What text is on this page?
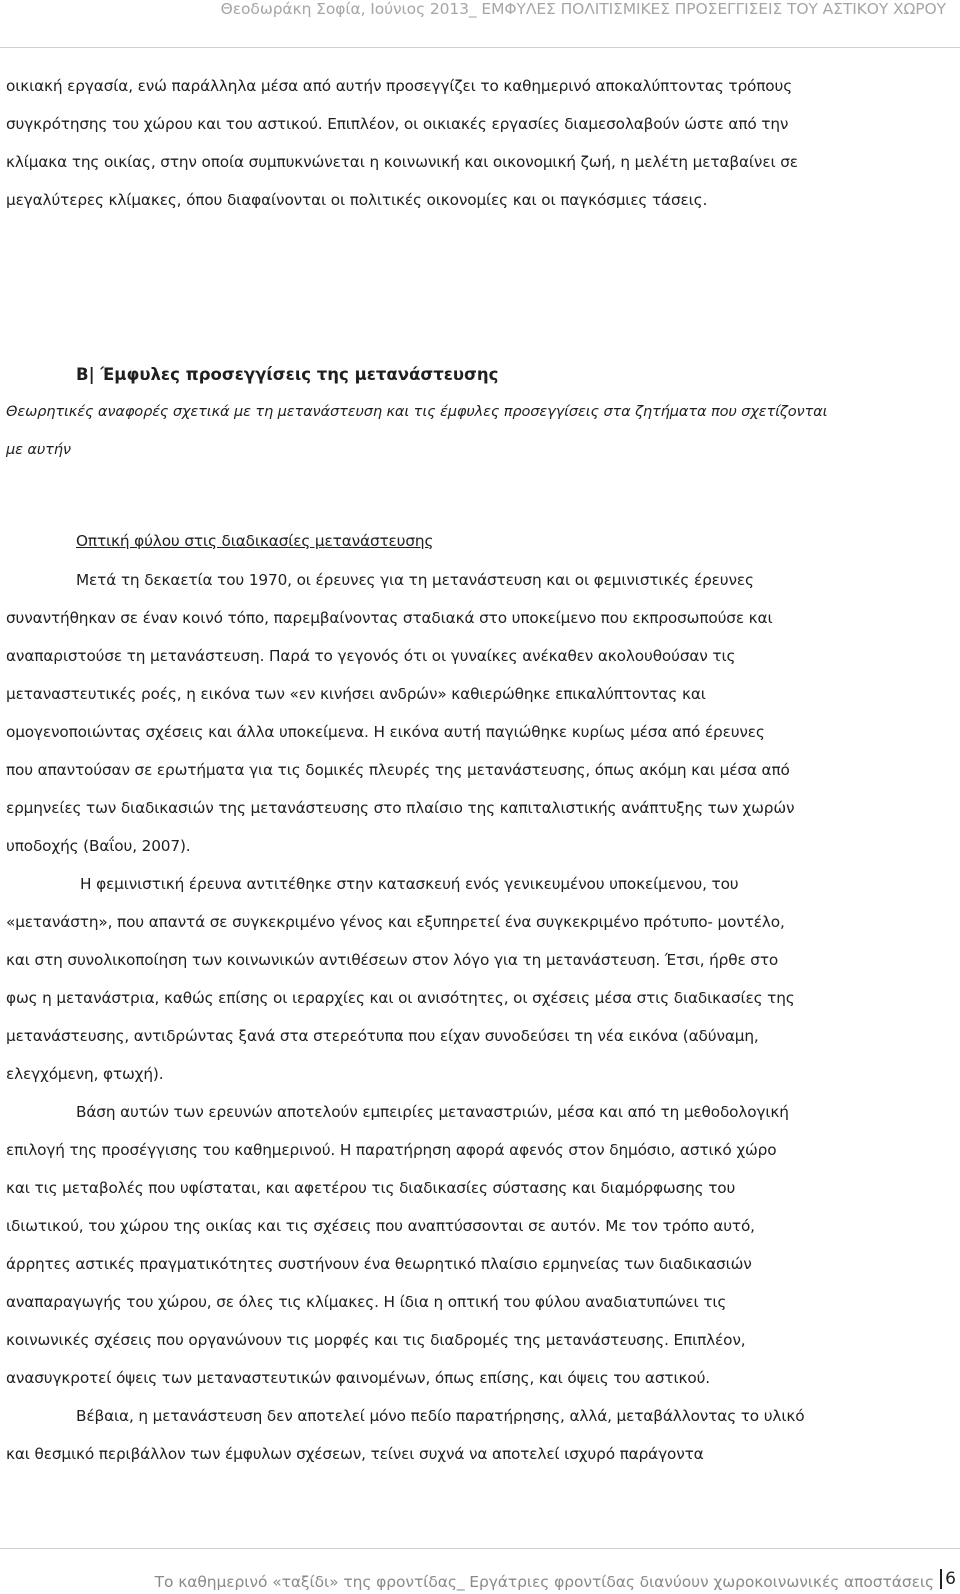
Θεοδωράκη Σοφία, Ιούνιος 2013_ ΕΜΦΥΛΕΣ ΠΟΛΙΤΙΣΜΙΚΕΣ ΠΡΟΣΕΓΓΙΣΕΙΣ ΤΟΥ ΑΣΤΙΚΟΥ ΧΩΡΟΥ
οικιακή εργασία, ενώ παράλληλα μέσα από αυτήν προσεγγίζει το καθημερινό αποκαλύπτοντας τρόπους
συγκρότησης του χώρου και του αστικού. Επιπλέον, οι οικιακές εργασίες διαμεσολαβούν ώστε από την
κλίμακα της οικίας, στην οποία συμπυκνώνεται η κοινωνική και οικονομική ζωή, η μελέτη μεταβαίνει σε
μεγαλύτερες κλίμακες, όπου διαφαίνονται οι πολιτικές οικονομίες και οι παγκόσμιες τάσεις.
B| Έμφυλες προσεγγίσεις της μετανάστευσης
Θεωρητικές αναφορές σχετικά με τη μετανάστευση και τις έμφυλες προσεγγίσεις στα ζητήματα που σχετίζονται
με αυτήν
Οπτική φύλου στις διαδικασίες μετανάστευσης
Μετά τη δεκαετία του 1970, οι έρευνες για τη μετανάστευση και οι φεμινιστικές έρευνες
συναντήθηκαν σε έναν κοινό τόπο, παρεμβαίνοντας σταδιακά στο υποκείμενο που εκπροσωπούσε και
αναπαριστούσε τη μετανάστευση. Παρά το γεγονός ότι οι γυναίκες ανέκαθεν ακολουθούσαν τις
μεταναστευτικές ροές, η εικόνα των «εν κινήσει ανδρών» καθιερώθηκε επικαλύπτοντας και
ομογενοποιώντας σχέσεις και άλλα υποκείμενα. Η εικόνα αυτή παγιώθηκε κυρίως μέσα από έρευνες
που απαντούσαν σε ερωτήματα για τις δομικές πλευρές της μετανάστευσης, όπως ακόμη και μέσα από
ερμηνείες των διαδικασιών της μετανάστευσης στο πλαίσιο της καπιταλιστικής ανάπτυξης των χωρών
υποδοχής (Βαΐου, 2007).
Η φεμινιστική έρευνα αντιτέθηκε στην κατασκευή ενός γενικευμένου υποκείμενου, του
«μετανάστη», που απαντά σε συγκεκριμένο γένος και εξυπηρετεί ένα συγκεκριμένο πρότυπο- μοντέλο,
και στη συνολικοποίηση των κοινωνικών αντιθέσεων στον λόγο για τη μετανάστευση. Έτσι, ήρθε στο
φως η μετανάστρια, καθώς επίσης οι ιεραρχίες και οι ανισότητες, οι σχέσεις μέσα στις διαδικασίες της
μετανάστευσης, αντιδρώντας ξανά στα στερεότυπα που είχαν συνοδεύσει τη νέα εικόνα (αδύναμη,
ελεγχόμενη, φτωχή).
Βάση αυτών των ερευνών αποτελούν εμπειρίες μεταναστριών, μέσα και από τη μεθοδολογική
επιλογή της προσέγγισης του καθημερινού. Η παρατήρηση αφορά αφενός στον δημόσιο, αστικό χώρο
και τις μεταβολές που υφίσταται, και αφετέρου τις διαδικασίες σύστασης και διαμόρφωσης του
ιδιωτικού, του χώρου της οικίας και τις σχέσεις που αναπτύσσονται σε αυτόν. Με τον τρόπο αυτό,
άρρητες αστικές πραγματικότητες συστήνουν ένα θεωρητικό πλαίσιο ερμηνείας των διαδικασιών
αναπαραγωγής του χώρου, σε όλες τις κλίμακες. Η ίδια η οπτική του φύλου αναδιατυπώνει τις
κοινωνικές σχέσεις που οργανώνουν τις μορφές και τις διαδρομές της μετανάστευσης. Επιπλέον,
ανασυγκροτεί όψεις των μεταναστευτικών φαινομένων, όπως επίσης, και όψεις του αστικού.
Βέβαια, η μετανάστευση δεν αποτελεί μόνο πεδίο παρατήρησης, αλλά, μεταβάλλοντας το υλικό
και θεσμικό περιβάλλον των έμφυλων σχέσεων, τείνει συχνά να αποτελεί ισχυρό παράγοντα
Το καθημερινό «ταξίδι» της φροντίδας_ Εργάτριες φροντίδας διανύουν χωροκοινωνικές αποστάσεις 6
